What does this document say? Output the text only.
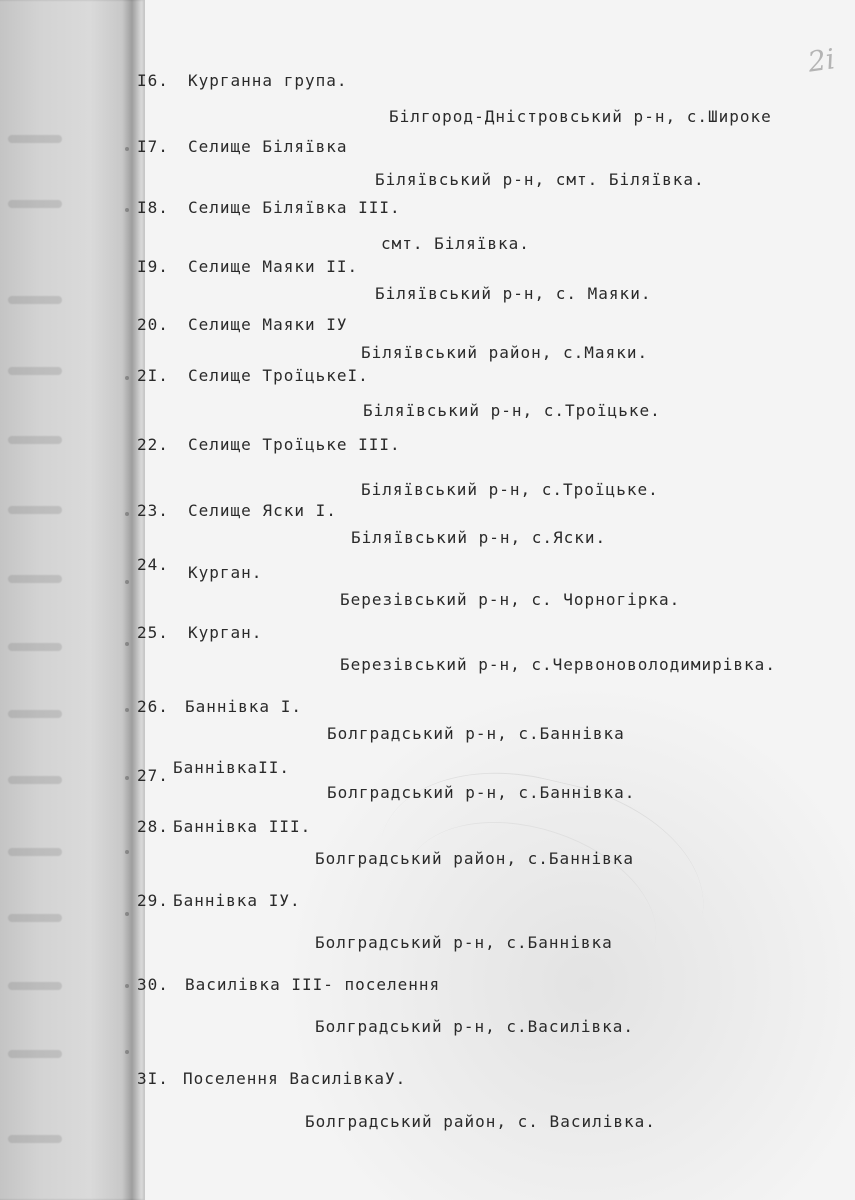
2i
I6. Курганна група.
Білгород-Дністровський р-н, с.Широке
I7. Селище Біляївка
Біляївський р-н, смт. Біляївка.
I8. Селище Біляївка III.
смт. Біляївка.
I9. Селище Маяки II.
Біляївський р-н, с. Маяки.
20. Селище Маяки IУ
Біляївський район, с.Маяки.
2I. Селище ТроїцькеI.
Біляївський р-н, с.Троїцьке.
22. Селище Троїцьке III.
Біляївський р-н, с.Троїцьке.
23. Селище Яски I.
Біляївський р-н, с.Яски.
24. Курган.
Березівський р-н, с. Чорногірка.
25. Курган.
Березівський р-н, с.Червоноволодимирівка.
26. Баннівка I.
Болградський р-н, с.Баннівка
27. БаннівкаII.
Болградський р-н, с.Баннівка.
28. Баннівка III.
Болградський район, с.Баннівка
29. Баннівка IУ.
Болградський р-н, с.Баннівка
30. Василівка III- поселення
Болградський р-н, с.Василівка.
3I. Поселення ВасилівкаУ.
Болградський район, с. Василівка.
